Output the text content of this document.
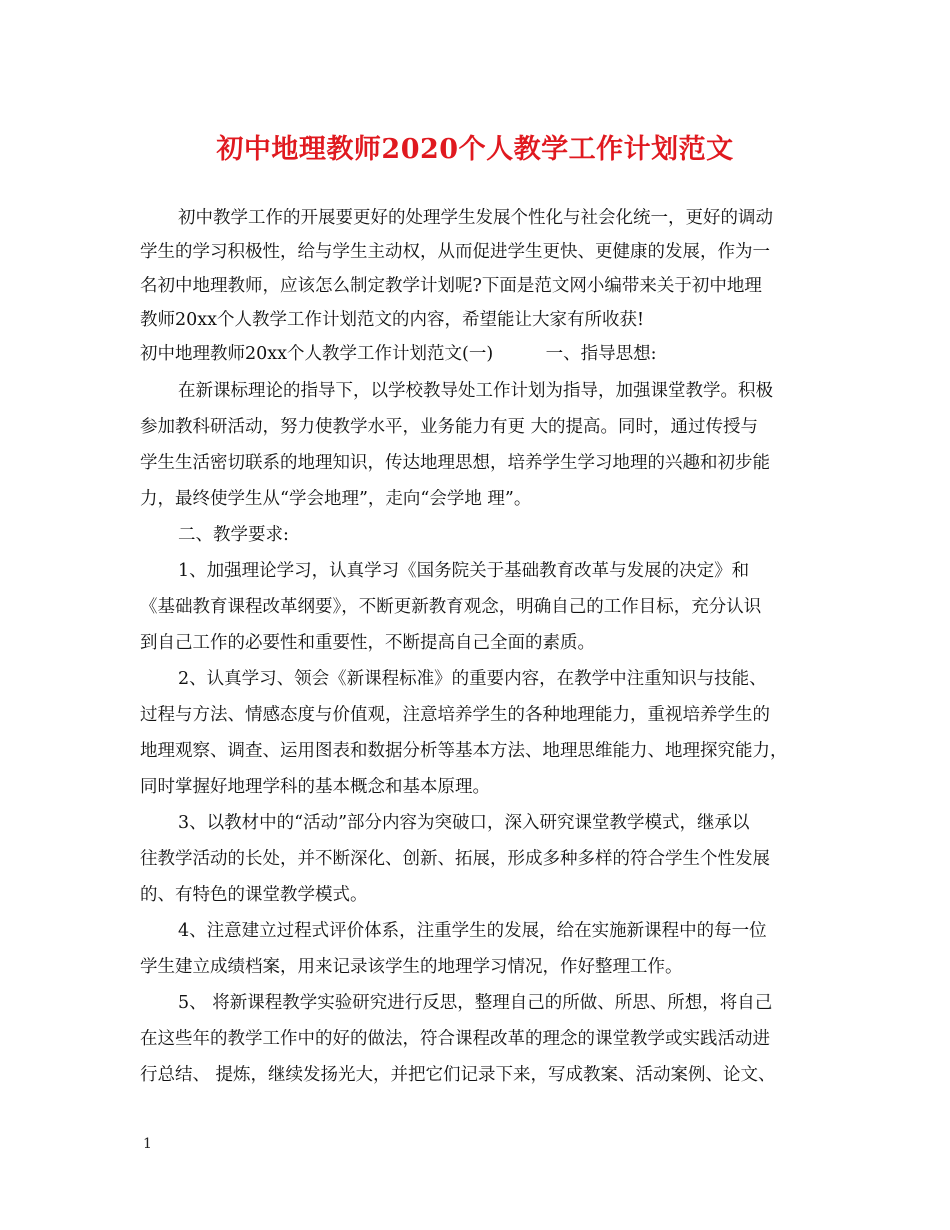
初中地理教师2020个人教学工作计划范文
初中教学工作的开展要更好的处理学生发展个性化与社会化统一，更好的调动
学生的学习积极性，给与学生主动权，从而促进学生更快、更健康的发展，作为一
名初中地理教师，应该怎么制定教学计划呢?下面是范文网小编带来关于初中地理
教师20xx个人教学工作计划范文的内容，希望能让大家有所收获!
初中地理教师20xx个人教学工作计划范文(一)　　　一、指导思想:
在新课标理论的指导下，以学校教导处工作计划为指导，加强课堂教学。积极
参加教科研活动，努力使教学水平，业务能力有更 大的提高。同时，通过传授与
学生生活密切联系的地理知识，传达地理思想，培养学生学习地理的兴趣和初步能
力，最终使学生从“学会地理”，走向“会学地 理”。
二、教学要求:
1、加强理论学习，认真学习《国务院关于基础教育改革与发展的决定》和
《基础教育课程改革纲要》，不断更新教育观念，明确自己的工作目标，充分认识
到自己工作的必要性和重要性，不断提高自己全面的素质。
2、认真学习、领会《新课程标准》的重要内容，在教学中注重知识与技能、
过程与方法、情感态度与价值观，注意培养学生的各种地理能力，重视培养学生的
地理观察、调查、运用图表和数据分析等基本方法、地理思维能力、地理探究能力，
同时掌握好地理学科的基本概念和基本原理。
3、以教材中的“活动”部分内容为突破口，深入研究课堂教学模式，继承以
往教学活动的长处，并不断深化、创新、拓展，形成多种多样的符合学生个性发展
的、有特色的课堂教学模式。
4、注意建立过程式评价体系，注重学生的发展，给在实施新课程中的每一位
学生建立成绩档案，用来记录该学生的地理学习情况，作好整理工作。
5、 将新课程教学实验研究进行反思，整理自己的所做、所思、所想，将自己
在这些年的教学工作中的好的做法，符合课程改革的理念的课堂教学或实践活动进
行总结、 提炼，继续发扬光大，并把它们记录下来，写成教案、活动案例、论文、
1
